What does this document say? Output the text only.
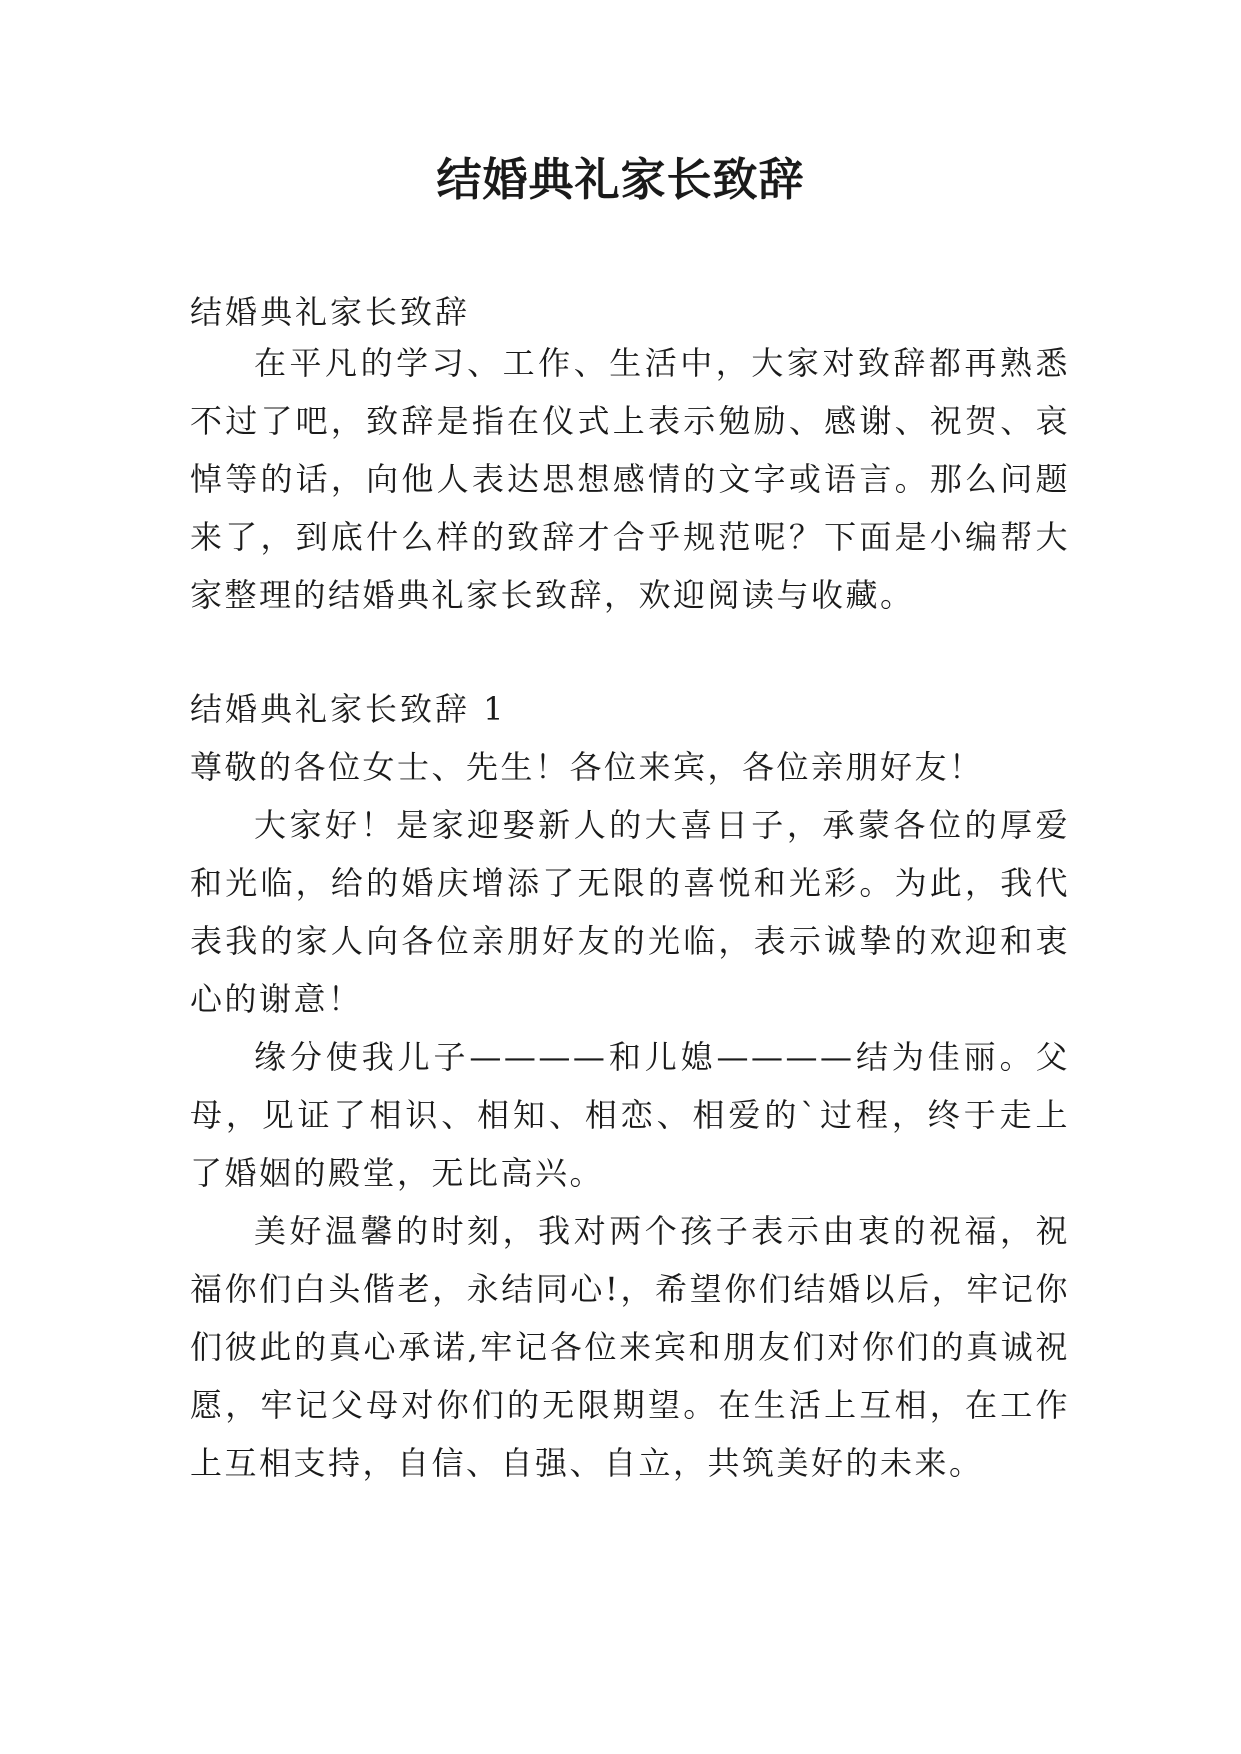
结婚典礼家长致辞

结婚典礼家长致辞

在平凡的学习、工作、生活中，大家对致辞都再熟悉不过了吧，致辞是指在仪式上表示勉励、感谢、祝贺、哀悼等的话，向他人表达思想感情的文字或语言。那么问题来了，到底什么样的致辞才合乎规范呢？下面是小编帮大家整理的结婚典礼家长致辞，欢迎阅读与收藏。

结婚典礼家长致辞 1
尊敬的各位女士、先生！各位来宾，各位亲朋好友！

大家好！是家迎娶新人的大喜日子，承蒙各位的厚爱和光临，给的婚庆增添了无限的喜悦和光彩。为此，我代表我的家人向各位亲朋好友的光临，表示诚挚的欢迎和衷心的谢意！

缘分使我儿子————和儿媳————结为佳丽。父母，见证了相识、相知、相恋、相爱的`过程，终于走上了婚姻的殿堂，无比高兴。

美好温馨的时刻，我对两个孩子表示由衷的祝福，祝福你们白头偕老，永结同心!，希望你们结婚以后，牢记你们彼此的真心承诺,牢记各位来宾和朋友们对你们的真诚祝愿，牢记父母对你们的无限期望。在生活上互相，在工作上互相支持，自信、自强、自立，共筑美好的未来。
